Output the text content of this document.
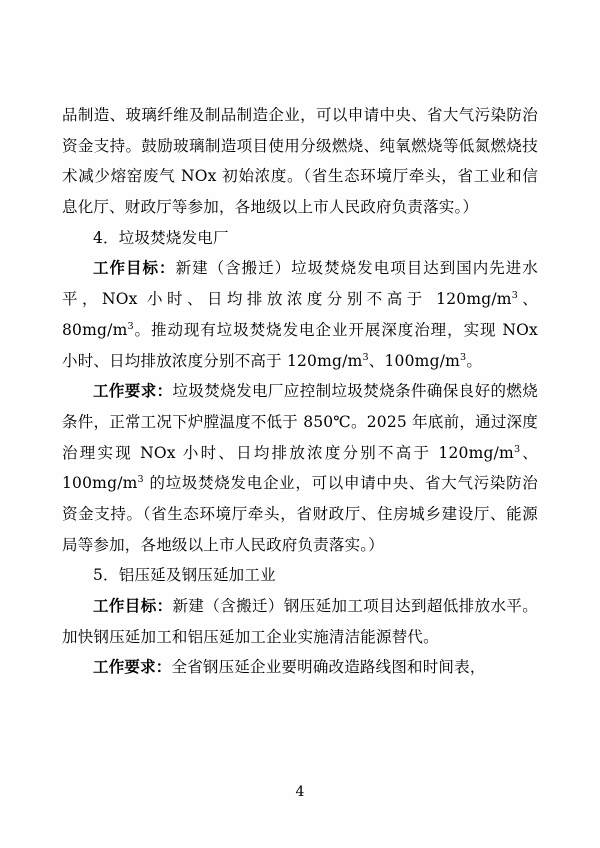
品制造、玻璃纤维及制品制造企业，可以申请中央、省大气污染防治资金支持。鼓励玻璃制造项目使用分级燃烧、纯氧燃烧等低氮燃烧技术减少熔窑废气 NOx 初始浓度。（省生态环境厅牵头，省工业和信息化厅、财政厅等参加，各地级以上市人民政府负责落实。）

4．垃圾焚烧发电厂

工作目标：新建（含搬迁）垃圾焚烧发电项目达到国内先进水平，NOx 小时、日均排放浓度分别不高于 $120mg/m^3$、$80mg/m^3$。推动现有垃圾焚烧发电企业开展深度治理，实现 NOx 小时、日均排放浓度分别不高于 $120mg/m^3$、$100mg/m^3$。

工作要求：垃圾焚烧发电厂应控制垃圾焚烧条件确保良好的燃烧条件，正常工况下炉膛温度不低于 850℃。2025 年底前，通过深度治理实现 NOx 小时、日均排放浓度分别不高于 $120mg/m^3$、$100mg/m^3$ 的垃圾焚烧发电企业，可以申请中央、省大气污染防治资金支持。（省生态环境厅牵头，省财政厅、住房城乡建设厅、能源局等参加，各地级以上市人民政府负责落实。）

5．铝压延及钢压延加工业

工作目标：新建（含搬迁）钢压延加工项目达到超低排放水平。加快钢压延加工和铝压延加工企业实施清洁能源替代。

工作要求：全省钢压延企业要明确改造路线图和时间表，

4
